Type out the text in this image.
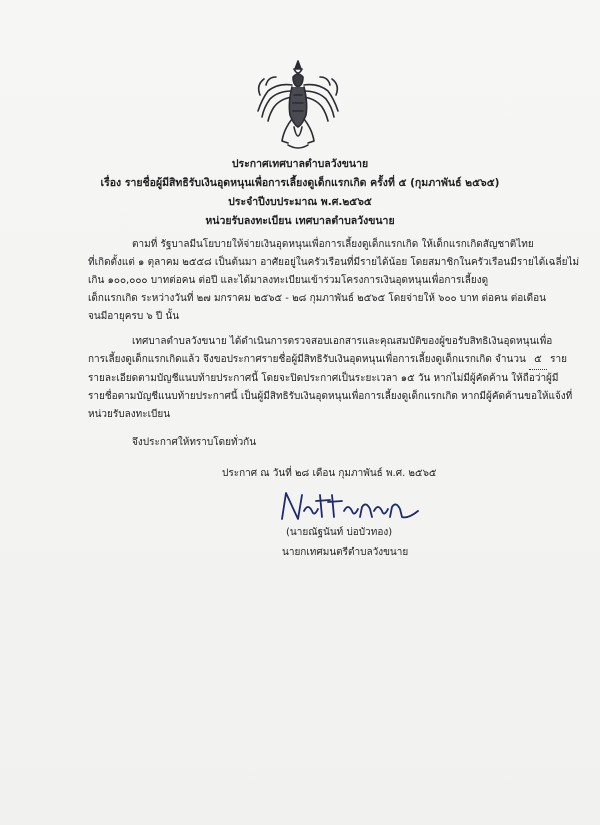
ประกาศเทศบาลตำบลวังขนาย
เรื่อง รายชื่อผู้มีสิทธิรับเงินอุดหนุนเพื่อการเลี้ยงดูเด็กแรกเกิด ครั้งที่ ๕ (กุมภาพันธ์ ๒๕๖๕)
ประจำปีงบประมาณ พ.ศ.๒๕๖๕
หน่วยรับลงทะเบียน เทศบาลตำบลวังขนาย
ตามที่ รัฐบาลมีนโยบายให้จ่ายเงินอุดหนุนเพื่อการเลี้ยงดูเด็กแรกเกิด ให้เด็กแรกเกิดสัญชาติไทย
ที่เกิดตั้งแต่ ๑ ตุลาคม ๒๕๕๘ เป็นต้นมา อาศัยอยู่ในครัวเรือนที่มีรายได้น้อย โดยสมาชิกในครัวเรือนมีรายได้เฉลี่ยไม่
เกิน ๑๐๐,๐๐๐ บาทต่อคน ต่อปี และได้มาลงทะเบียนเข้าร่วมโครงการเงินอุดหนุนเพื่อการเลี้ยงดู
เด็กแรกเกิด ระหว่างวันที่ ๒๗ มกราคม ๒๕๖๕ - ๒๘ กุมภาพันธ์ ๒๕๖๕ โดยจ่ายให้ ๖๐๐ บาท ต่อคน ต่อเดือน
จนมีอายุครบ ๖ ปี นั้น
เทศบาลตำบลวังขนาย ได้ดำเนินการตรวจสอบเอกสารและคุณสมบัติของผู้ขอรับสิทธิเงินอุดหนุนเพื่อ
การเลี้ยงดูเด็กแรกเกิดแล้ว จึงขอประกาศรายชื่อผู้มีสิทธิรับเงินอุดหนุนเพื่อการเลี้ยงดูเด็กแรกเกิด จำนวน ๕ ราย
รายละเอียดตามบัญชีแนบท้ายประกาศนี้ โดยจะปิดประกาศเป็นระยะเวลา ๑๕ วัน หากไม่มีผู้คัดค้าน ให้ถือว่าผู้มี
รายชื่อตามบัญชีแนบท้ายประกาศนี้ เป็นผู้มีสิทธิรับเงินอุดหนุนเพื่อการเลี้ยงดูเด็กแรกเกิด หากมีผู้คัดค้านขอให้แจ้งที่
หน่วยรับลงทะเบียน
จึงประกาศให้ทราบโดยทั่วกัน
ประกาศ ณ วันที่ ๒๘ เดือน กุมภาพันธ์ พ.ศ. ๒๕๖๕
(นายณัฐนันท์ บ่อบัวทอง)
นายกเทศมนตรีตำบลวังขนาย
